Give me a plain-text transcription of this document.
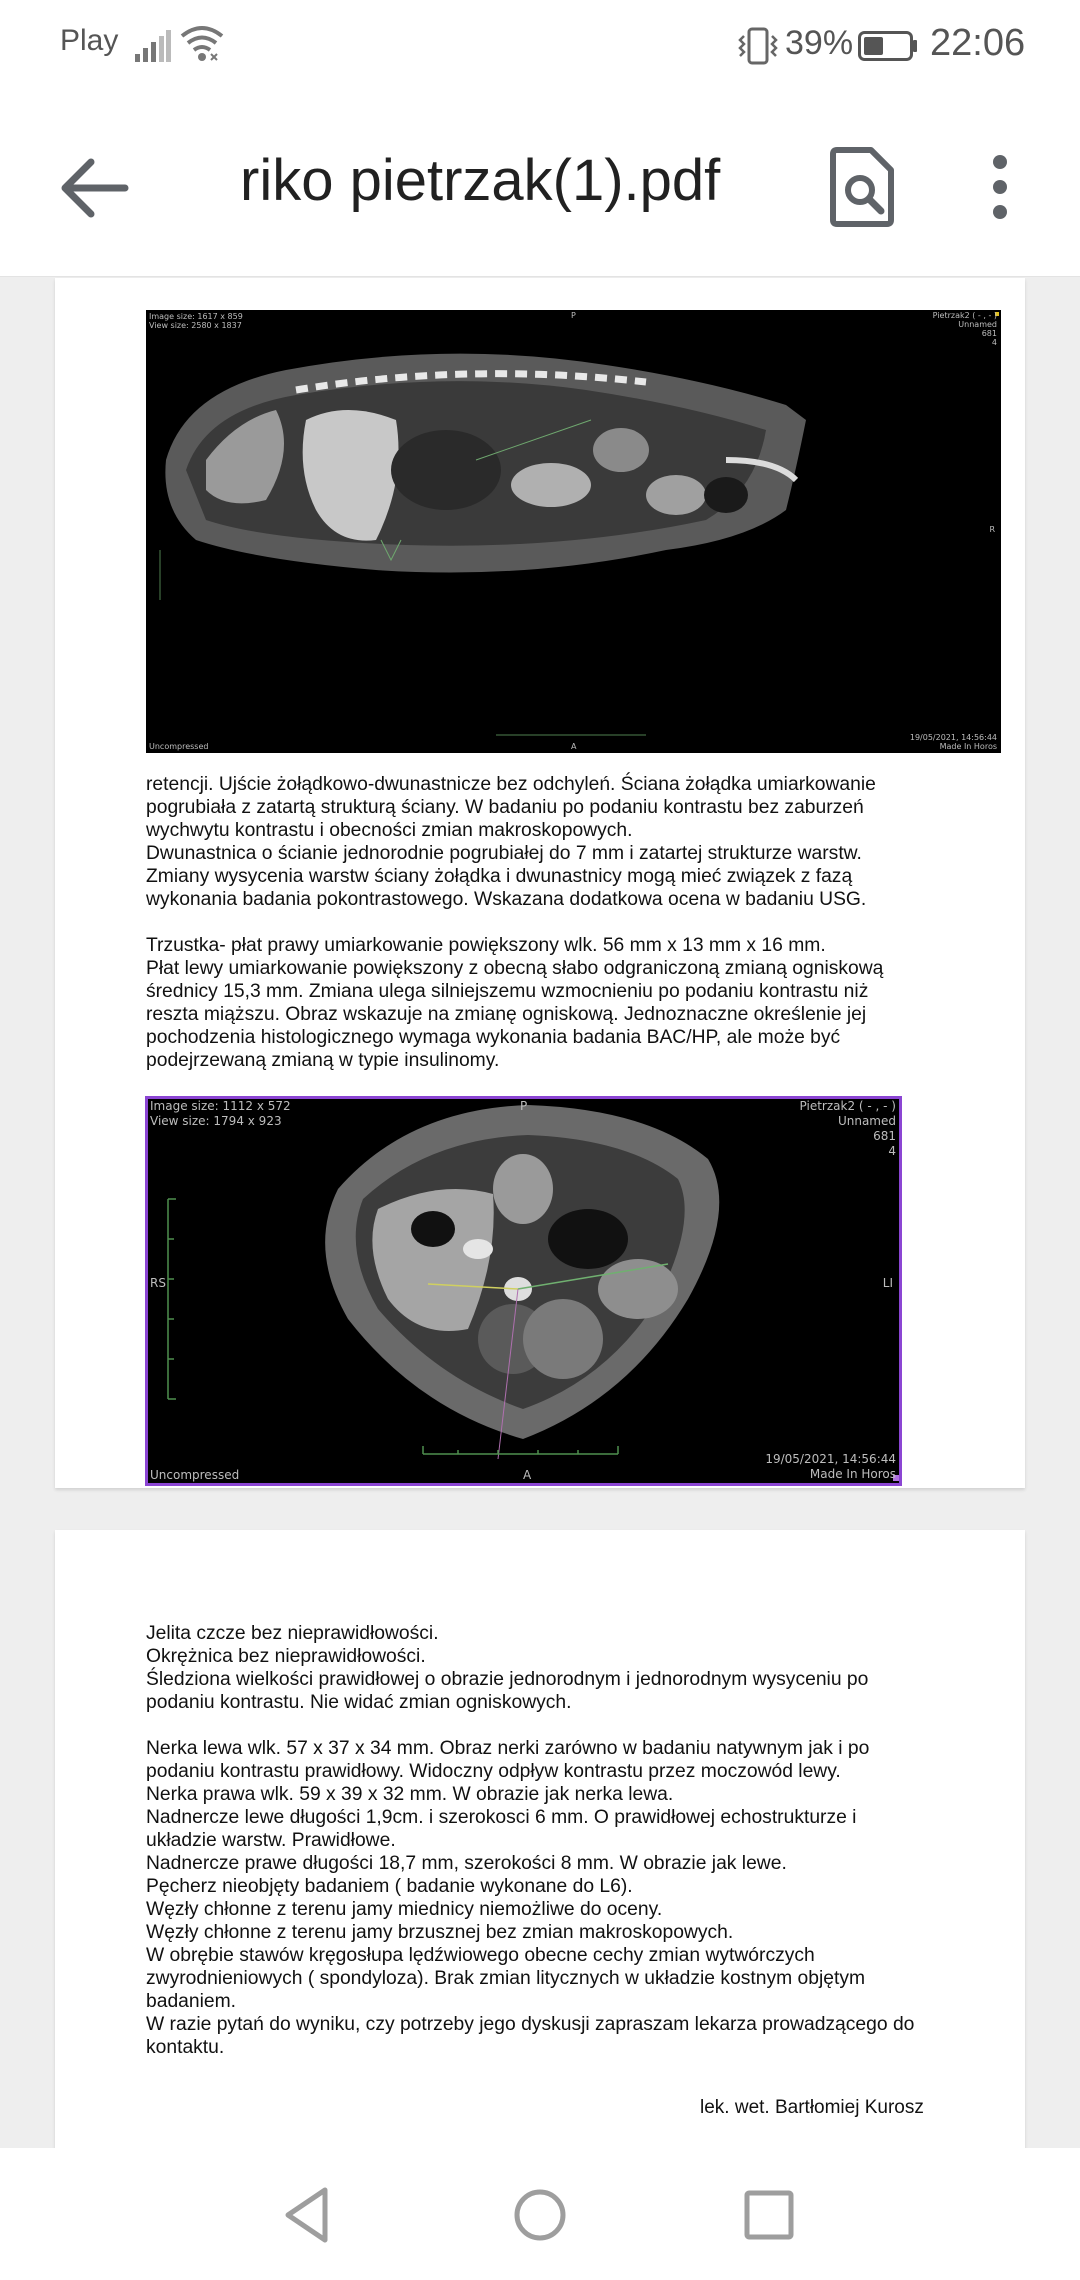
Play	39% 22:06
riko pietrzak(1).pdf
Image size: 1617 x 859
View size: 2580 x 1837
P	Pietrzak2 ( - , - )
Unnamed
681
4
R
Uncompressed	A
19/05/2021, 14:56:44
Made In Horos
retencji. Ujście żołądkowo-dwunastnicze bez odchyleń. Ściana żołądka umiarkowanie
pogrubiała z zatartą strukturą ściany. W badaniu po podaniu kontrastu bez zaburzeń
wychwytu kontrastu i obecności zmian makroskopowych.
Dwunastnica o ścianie jednorodnie pogrubiałej do 7 mm i zatartej strukturze warstw.
Zmiany wysycenia warstw ściany żołądka i dwunastnicy mogą mieć związek z fazą
wykonania badania pokontrastowego. Wskazana dodatkowa ocena w badaniu USG.
Trzustka- płat prawy umiarkowanie powiększony wlk. 56 mm x 13 mm x 16 mm.
Płat lewy umiarkowanie powiększony z obecną słabo odgraniczoną zmianą ogniskową
średnicy 15,3 mm. Zmiana ulega silniejszemu wzmocnieniu po podaniu kontrastu niż
reszta miąższu. Obraz wskazuje na zmianę ogniskową. Jednoznaczne określenie jej
pochodzenia histologicznego wymaga wykonania badania BAC/HP, ale może być
podejrzewaną zmianą w typie insulinomy.
Image size: 1112 x 572
View size: 1794 x 923
P	Pietrzak2 ( - , - )
Unnamed
681
4
RS	LI
Uncompressed	A
19/05/2021, 14:56:44
Made In Horos
Jelita czcze bez nieprawidłowości.
Okrężnica bez nieprawidłowości.
Śledziona wielkości prawidłowej o obrazie jednorodnym i jednorodnym wysyceniu po
podaniu kontrastu. Nie widać zmian ogniskowych.
Nerka lewa wlk. 57 x 37 x 34 mm. Obraz nerki zarówno w badaniu natywnym jak i po
podaniu kontrastu prawidłowy. Widoczny odpływ kontrastu przez moczowód lewy.
Nerka prawa wlk. 59 x 39 x 32 mm. W obrazie jak nerka lewa.
Nadnercze lewe długości 1,9cm. i szerokosci 6 mm. O prawidłowej echostrukturze i
układzie warstw. Prawidłowe.
Nadnercze prawe długości 18,7 mm, szerokości 8 mm. W obrazie jak lewe.
Pęcherz nieobjęty badaniem ( badanie wykonane do L6).
Węzły chłonne z terenu jamy miednicy niemożliwe do oceny.
Węzły chłonne z terenu jamy brzusznej bez zmian makroskopowych.
W obrębie stawów kręgosłupa lędźwiowego obecne cechy zmian wytwórczych
zwyrodnieniowych ( spondyloza). Brak zmian litycznych w układzie kostnym objętym
badaniem.
W razie pytań do wyniku, czy potrzeby jego dyskusji zapraszam lekarza prowadzącego do
kontaktu.
lek. wet. Bartłomiej Kurosz
